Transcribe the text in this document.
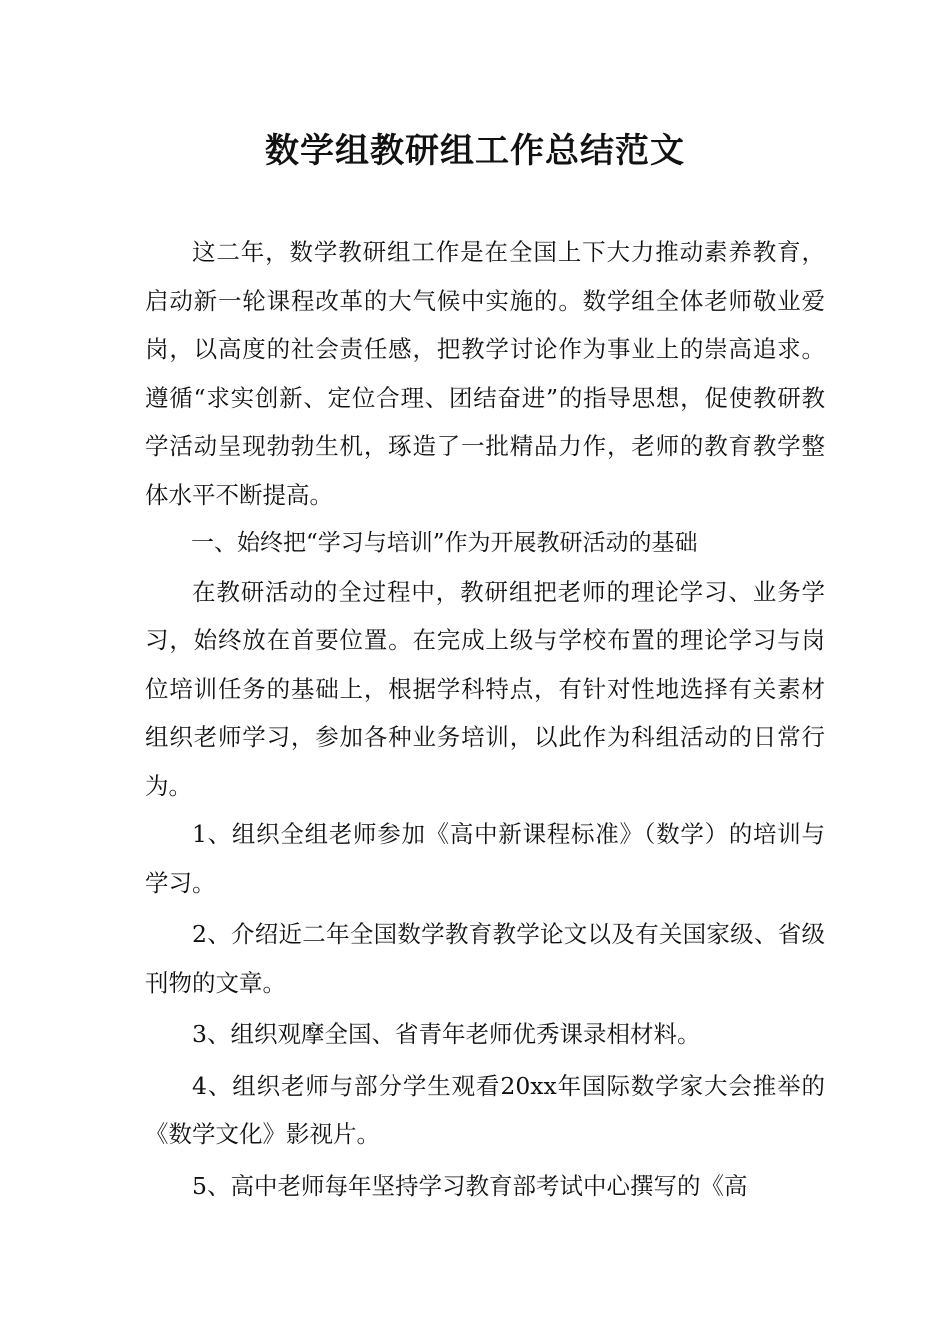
数学组教研组工作总结范文

这二年，数学教研组工作是在全国上下大力推动素养教育，启动新一轮课程改革的大气候中实施的。数学组全体老师敬业爱岗，以高度的社会责任感，把教学讨论作为事业上的崇高追求。遵循“求实创新、定位合理、团结奋进”的指导思想，促使教研教学活动呈现勃勃生机，琢造了一批精品力作，老师的教育教学整体水平不断提高。

一、始终把“学习与培训”作为开展教研活动的基础

在教研活动的全过程中，教研组把老师的理论学习、业务学习，始终放在首要位置。在完成上级与学校布置的理论学习与岗位培训任务的基础上，根据学科特点，有针对性地选择有关素材组织老师学习，参加各种业务培训，以此作为科组活动的日常行为。

1、组织全组老师参加《高中新课程标准》（数学）的培训与学习。

2、介绍近二年全国数学教育教学论文以及有关国家级、省级刊物的文章。

3、组织观摩全国、省青年老师优秀课录相材料。

4、组织老师与部分学生观看20xx年国际数学家大会推举的《数学文化》影视片。

5、高中老师每年坚持学习教育部考试中心撰写的《高
